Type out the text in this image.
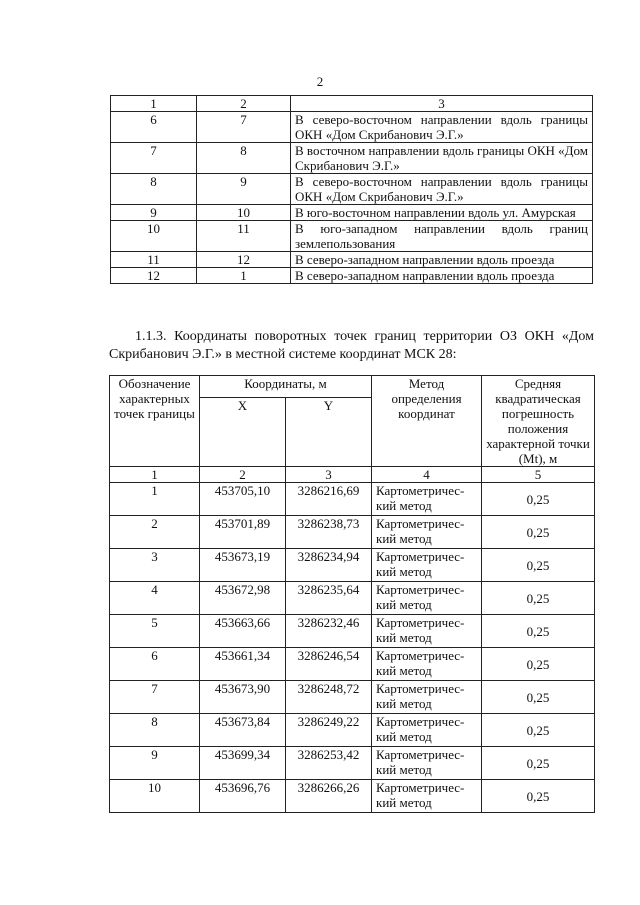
2
1	2	3
6	7	В северо-восточном направлении вдоль границы ОКН «Дом Скрибанович Э.Г.»
7	8	В восточном направлении вдоль границы ОКН «Дом Скрибанович Э.Г.»
8	9	В северо-восточном направлении вдоль границы ОКН «Дом Скрибанович Э.Г.»
9	10	В юго-восточном направлении вдоль ул. Амурская
10	11	В юго-западном направлении вдоль границ землепользования
11	12	В северо-западном направлении вдоль проезда
12	1	В северо-западном направлении вдоль проезда
1.1.3. Координаты поворотных точек границ территории ОЗ ОКН «Дом Скрибанович Э.Г.» в местной системе координат МСК 28:
Обозначение характерных точек границы	Координаты, м		Метод определения координат	Средняя квадратическая погрешность положения характерной точки (Mt), м
	X	Y		
1	2	3	4	5
1	453705,10	3286216,69	Картометричес-кий метод	0,25
2	453701,89	3286238,73	Картометричес-кий метод	0,25
3	453673,19	3286234,94	Картометричес-кий метод	0,25
4	453672,98	3286235,64	Картометричес-кий метод	0,25
5	453663,66	3286232,46	Картометричес-кий метод	0,25
6	453661,34	3286246,54	Картометричес-кий метод	0,25
7	453673,90	3286248,72	Картометричес-кий метод	0,25
8	453673,84	3286249,22	Картометричес-кий метод	0,25
9	453699,34	3286253,42	Картометричес-кий метод	0,25
10	453696,76	3286266,26	Картометричес-кий метод	0,25
